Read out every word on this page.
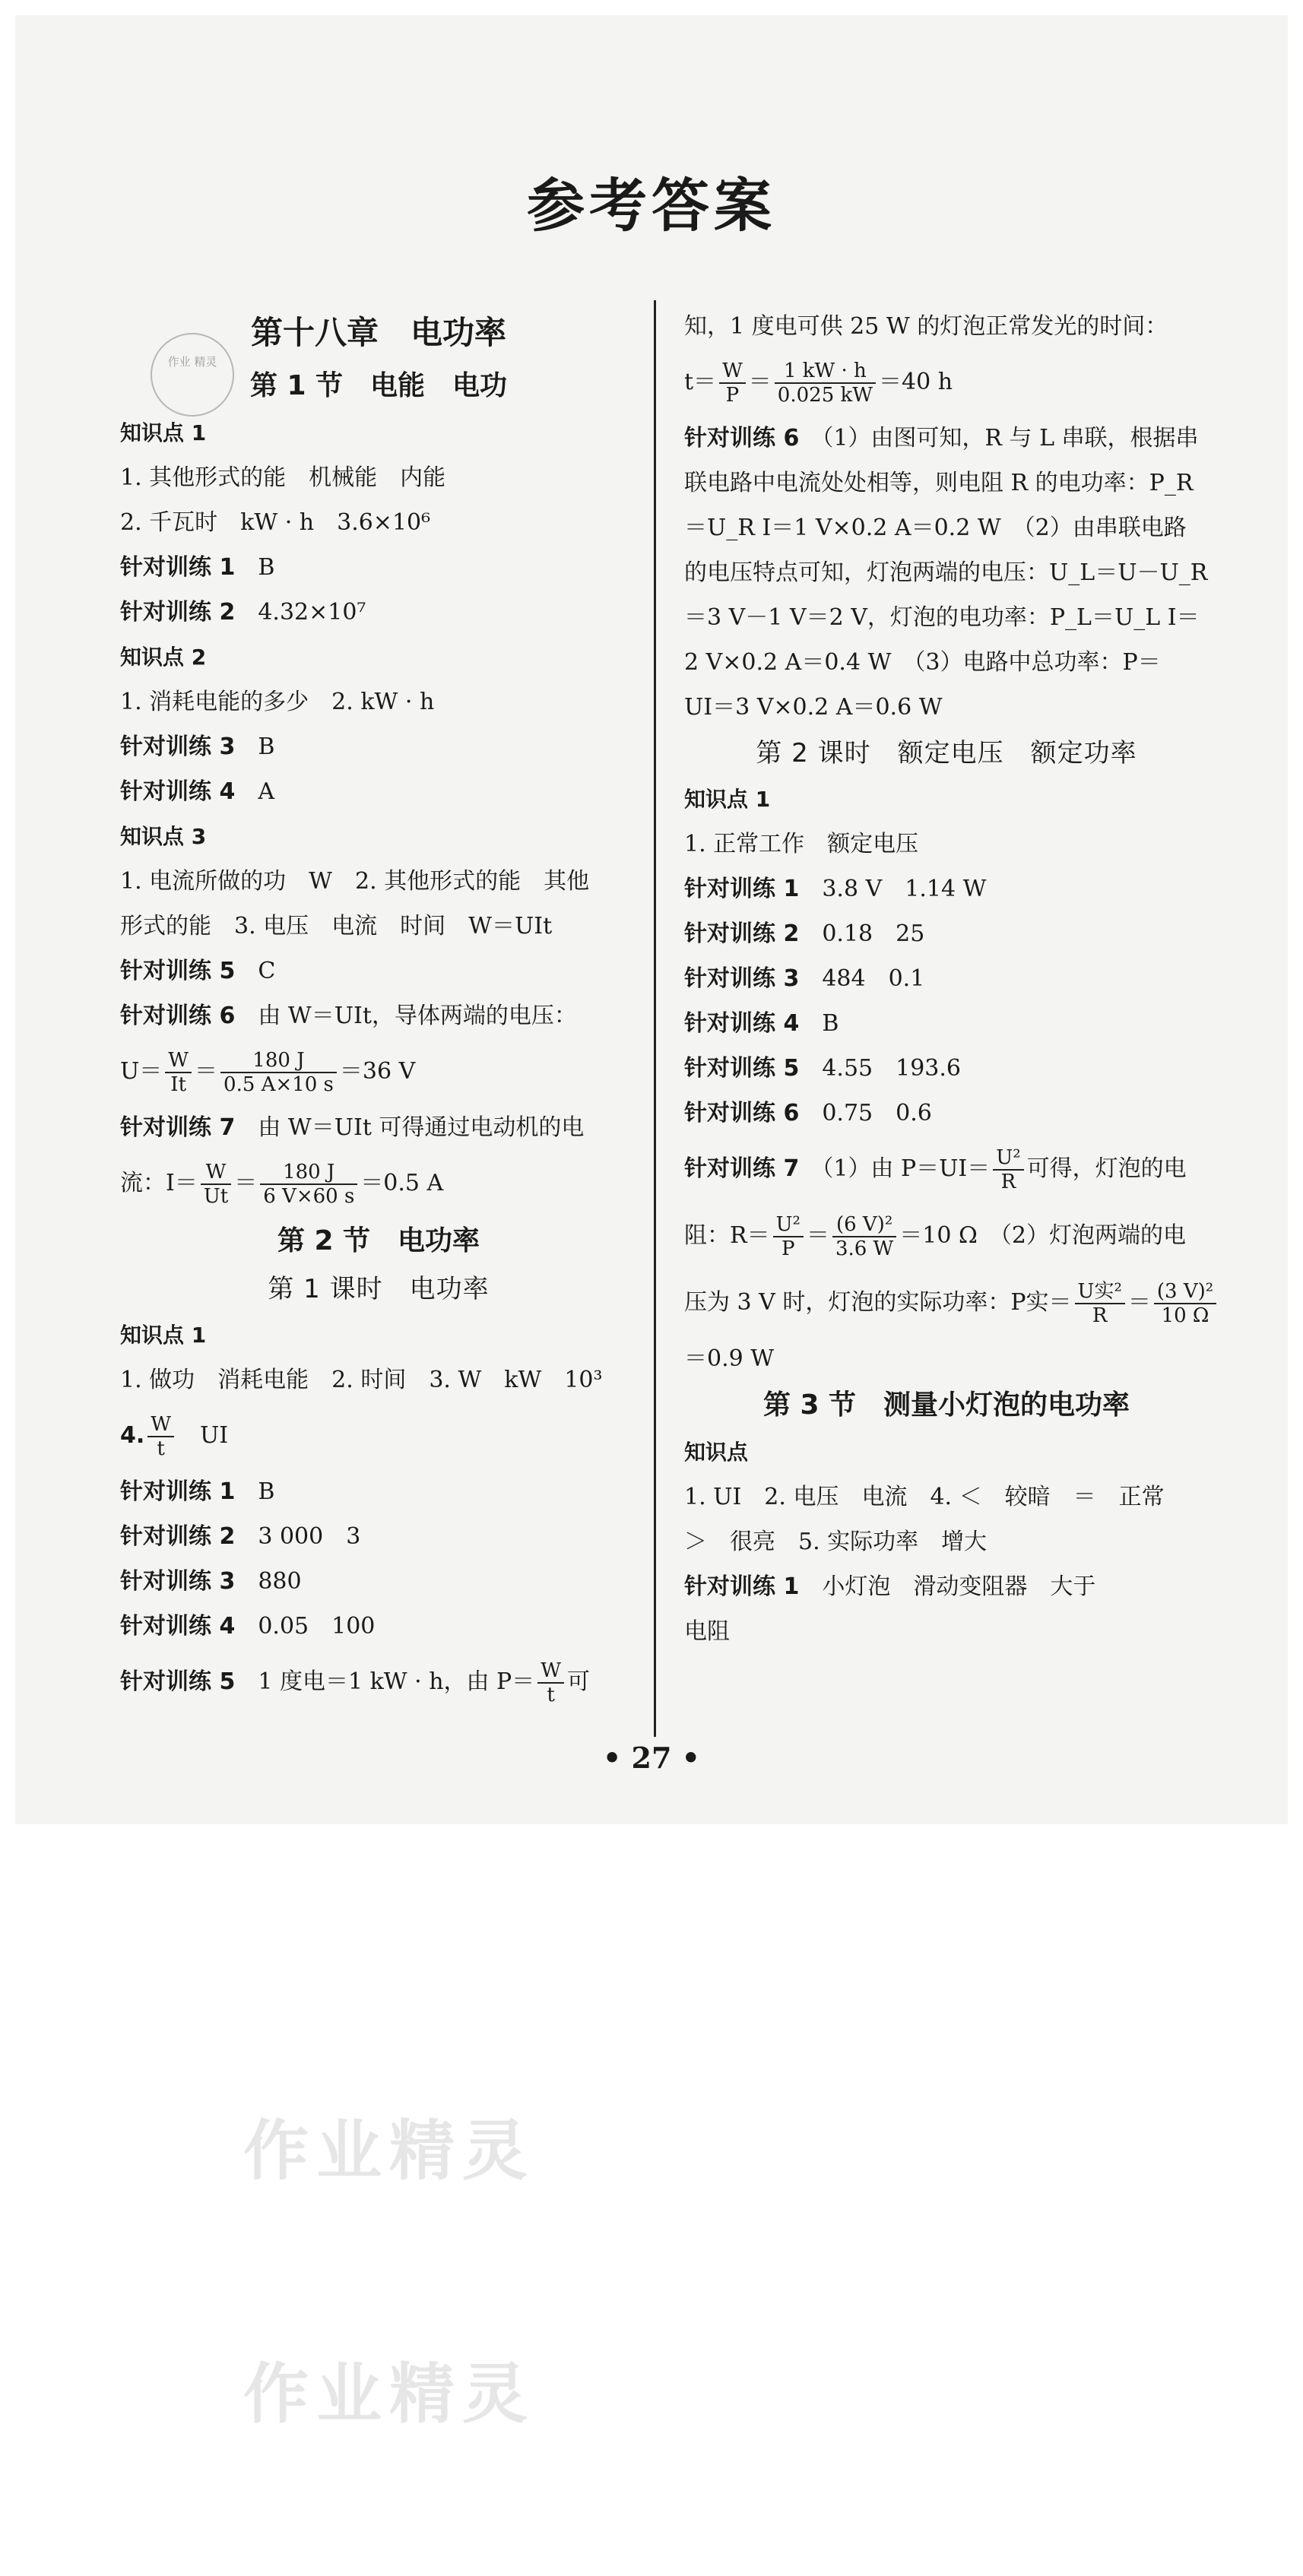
参考答案
作业 精灵
第十八章　电功率
第 1 节　电能　电功
知识点 1
1. 其他形式的能　机械能　内能
2. 千瓦时　kW · h　3.6×10⁶
针对训练 1　 B
针对训练 2　 4.32×10⁷
知识点 2
1. 消耗电能的多少　2. kW · h
针对训练 3　 B
针对训练 4　 A
知识点 3
1. 电流所做的功　W　2. 其他形式的能　其他
形式的能　3. 电压　电流　时间　W＝UIt
针对训练 5　 C
针对训练 6　 由 W＝UIt，导体两端的电压：
$U= \frac{W}{It} = \frac{180 J}{0.5 A\times 10 s} =36$ V
针对训练 7　 由 W＝UIt 可得通过电动机的电
流：$I= \frac{W}{Ut} = \frac{180 J}{6 V\times 60 s} =0.5$ A
第 2 节　电功率
第 1 课时　电功率
知识点 1
1. 做功　消耗电能　2. 时间　3. W　kW　10³
4. $\frac{W}{t}$
　 UI
针对训练 1　 B
针对训练 2　 3 000　3
针对训练 3　 880
针对训练 4　 0.05　100
针对训练 5　 1 度电＝1 kW · h，由 $P= \frac{W}{t}$ 可
知，1 度电可供 25 W 的灯泡正常发光的时间：
$t= \frac{W}{P} = \frac{1 kW \cdot h}{0.025 kW} =40$ h
针对训练 6　 （1）由图可知，R 与 L 串联，根据串
联电路中电流处处相等，则电阻 R 的电功率：P_R
＝U_R I＝1 V×0.2 A＝0.2 W　（2）由串联电路
的电压特点可知，灯泡两端的电压：U_L＝U－U_R
＝3 V－1 V＝2 V，灯泡的电功率：P_L＝U_L I＝
2 V×0.2 A＝0.4 W　（3）电路中总功率：P＝
UI＝3 V×0.2 A＝0.6 W
第 2 课时　额定电压　额定功率
知识点 1
1. 正常工作　额定电压
针对训练 1　 3.8 V　1.14 W
针对训练 2　 0.18　25
针对训练 3　 484　0.1
针对训练 4　 B
针对训练 5　 4.55　193.6
针对训练 6　 0.75　0.6
针对训练 7　 （1）由 $P=UI= \frac{\text{U²}}{R}$ 可得，灯泡的电
阻：$R= \frac{\text{U²}}{P} = \frac{\text{(6 V)²}}{3.6 W} =10$ Ω　（2）灯泡两端的电
压为 3 V 时，灯泡的实际功率：P实＝ $\frac{\text{U实²}}{R} = \frac{\text{(3 V)²}}{10 \Omega}$
＝0.9 W
第 3 节　测量小灯泡的电功率
知识点
1. UI　2. 电压　电流　4. ＜　较暗　＝　正常
＞　很亮　5. 实际功率　增大
针对训练 1　 小灯泡　滑动变阻器　大于
电阻
• 27 •
作业精灵
作业精灵
